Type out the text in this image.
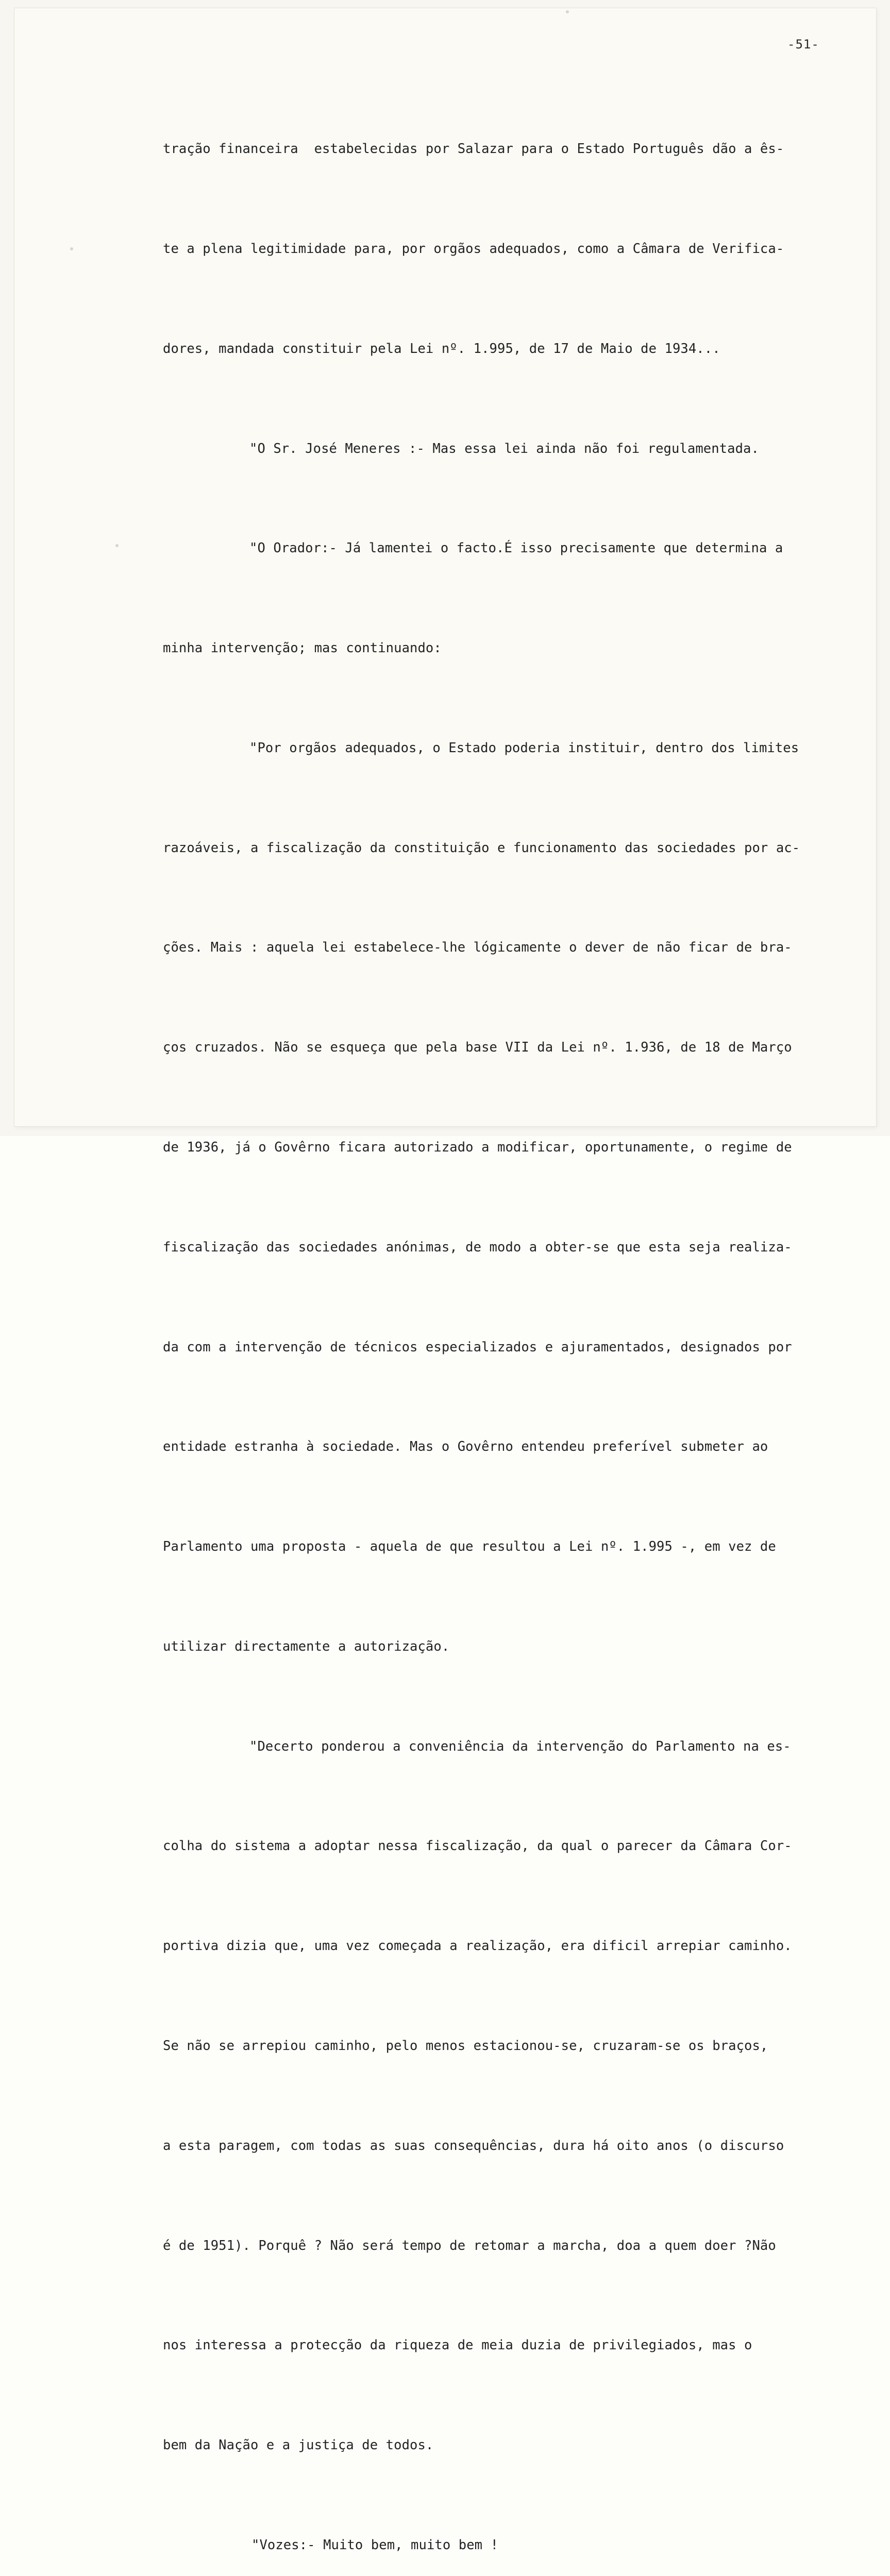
-51-

tração financeira  estabelecidas por Salazar para o Estado Português dão a ês-

te a plena legitimidade para, por orgãos adequados, como a Câmara de Verifica-

dores, mandada constituir pela Lei nº. 1.995, de 17 de Maio de 1934...

"O Sr. José Meneres :- Mas essa lei ainda não foi regulamentada.

"O Orador:- Já lamentei o facto.É isso precisamente que determina a

minha intervenção; mas continuando:

"Por orgãos adequados, o Estado poderia instituir, dentro dos limites

razoáveis, a fiscalização da constituição e funcionamento das sociedades por ac-

ções. Mais : aquela lei estabelece-lhe lógicamente o dever de não ficar de bra-

ços cruzados. Não se esqueça que pela base VII da Lei nº. 1.936, de 18 de Março

de 1936, já o Govêrno ficara autorizado a modificar, oportunamente, o regime de

fiscalização das sociedades anónimas, de modo a obter-se que esta seja realiza-

da com a intervenção de técnicos especializados e ajuramentados, designados por

entidade estranha à sociedade. Mas o Govêrno entendeu preferível submeter ao

Parlamento uma proposta - aquela de que resultou a Lei nº. 1.995 -, em vez de

utilizar directamente a autorização.

"Decerto ponderou a conveniência da intervenção do Parlamento na es-

colha do sistema a adoptar nessa fiscalização, da qual o parecer da Câmara Cor-

portiva dizia que, uma vez começada a realização, era dificil arrepiar caminho.

Se não se arrepiou caminho, pelo menos estacionou-se, cruzaram-se os braços,

a esta paragem, com todas as suas consequências, dura há oito anos (o discurso

é de 1951). Porquê ? Não será tempo de retomar a marcha, doa a quem doer ?Não

nos interessa a protecção da riqueza de meia duzia de privilegiados, mas o

bem da Nação e a justiça de todos.

"Vozes:- Muito bem, muito bem !
